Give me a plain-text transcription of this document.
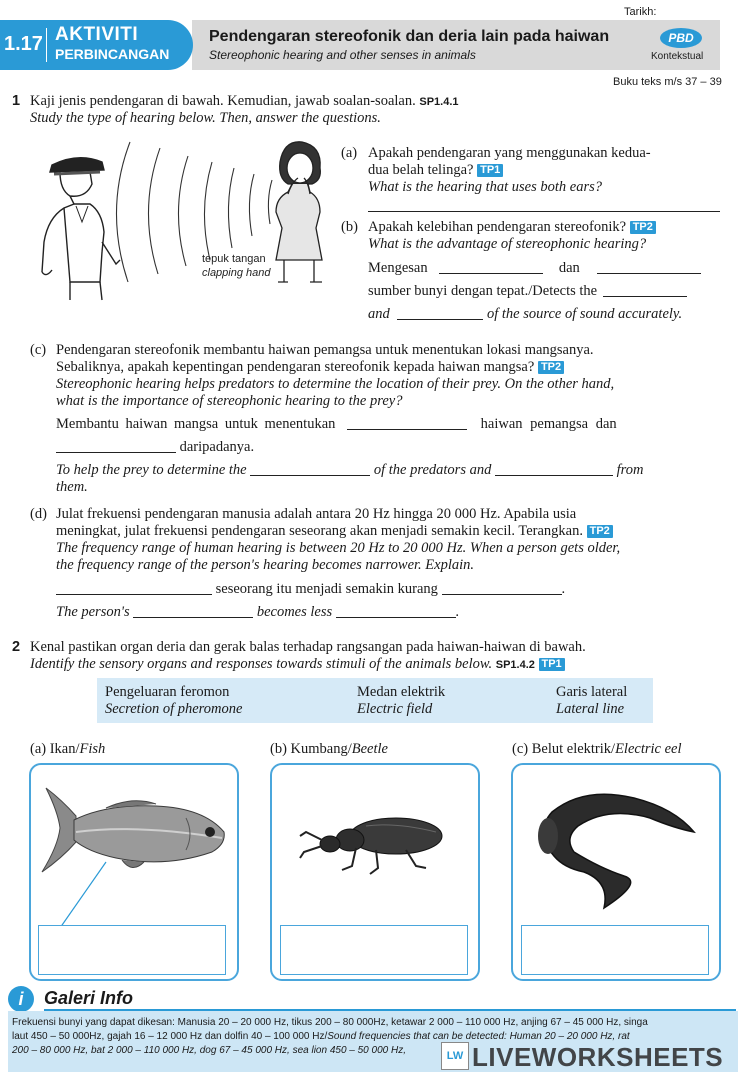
Tarikh:
1.17 AKTIVITI
PERBINCANGAN
Pendengaran stereofonik dan deria lain pada haiwan
Stereophonic hearing and other senses in animals
PBD
Kontekstual
Buku teks m/s 37 – 39
1 Kaji jenis pendengaran di bawah. Kemudian, jawab soalan-soalan. SP1.4.1
Study the type of hearing below. Then, answer the questions.
tepuk tangan
clapping hand
(a) Apakah pendengaran yang menggunakan kedua-
dua belah telinga? TP1
What is the hearing that uses both ears?
(b) Apakah kelebihan pendengaran stereofonik? TP2
What is the advantage of stereophonic hearing?
Mengesan	dan
sumber bunyi dengan tepat./Detects the
and	of the source of sound accurately.
(c) Pendengaran stereofonik membantu haiwan pemangsa untuk menentukan lokasi mangsanya.
Sebaliknya, apakah kepentingan pendengaran stereofonik kepada haiwan mangsa? TP2
Stereophonic hearing helps predators to determine the location of their prey. On the other hand,
what is the importance of stereophonic hearing to the prey?
Membantu haiwan mangsa untuk menentukan	haiwan pemangsa dan
daripadanya.
To help the prey to determine the	of the predators and	from
them.
(d) Julat frekuensi pendengaran manusia adalah antara 20 Hz hingga 20 000 Hz. Apabila usia
meningkat, julat frekuensi pendengaran seseorang akan menjadi semakin kecil. Terangkan. TP2
The frequency range of human hearing is between 20 Hz to 20 000 Hz. When a person gets older,
the frequency range of the person's hearing becomes narrower. Explain.
seseorang itu menjadi semakin kurang	.
The person's	becomes less	.
2 Kenal pastikan organ deria dan gerak balas terhadap rangsangan pada haiwan-haiwan di bawah.
Identify the sensory organs and responses towards stimuli of the animals below. SP1.4.2 TP1
Pengeluaran feromon
Secretion of pheromone
Medan elektrik
Electric field
Garis lateral
Lateral line
(a) Ikan/Fish	(b) Kumbang/Beetle	(c) Belut elektrik/Electric eel
i	Galeri Info
Frekuensi bunyi yang dapat dikesan: Manusia 20 – 20 000 Hz, tikus 200 – 80 000Hz, ketawar 2 000 – 110 000 Hz, anjing 67 – 45 000 Hz, singa
laut 450 – 50 000Hz, gajah 16 – 12 000 Hz dan dolfin 40 – 100 000 Hz/Sound frequencies that can be detected: Human 20 – 20 000 Hz, rat
200 – 80 000 Hz, bat 2 000 – 110 000 Hz, dog 67 – 45 000 Hz, sea lion 450 – 50 000 Hz,	LW LIVEWORKSHEETS
